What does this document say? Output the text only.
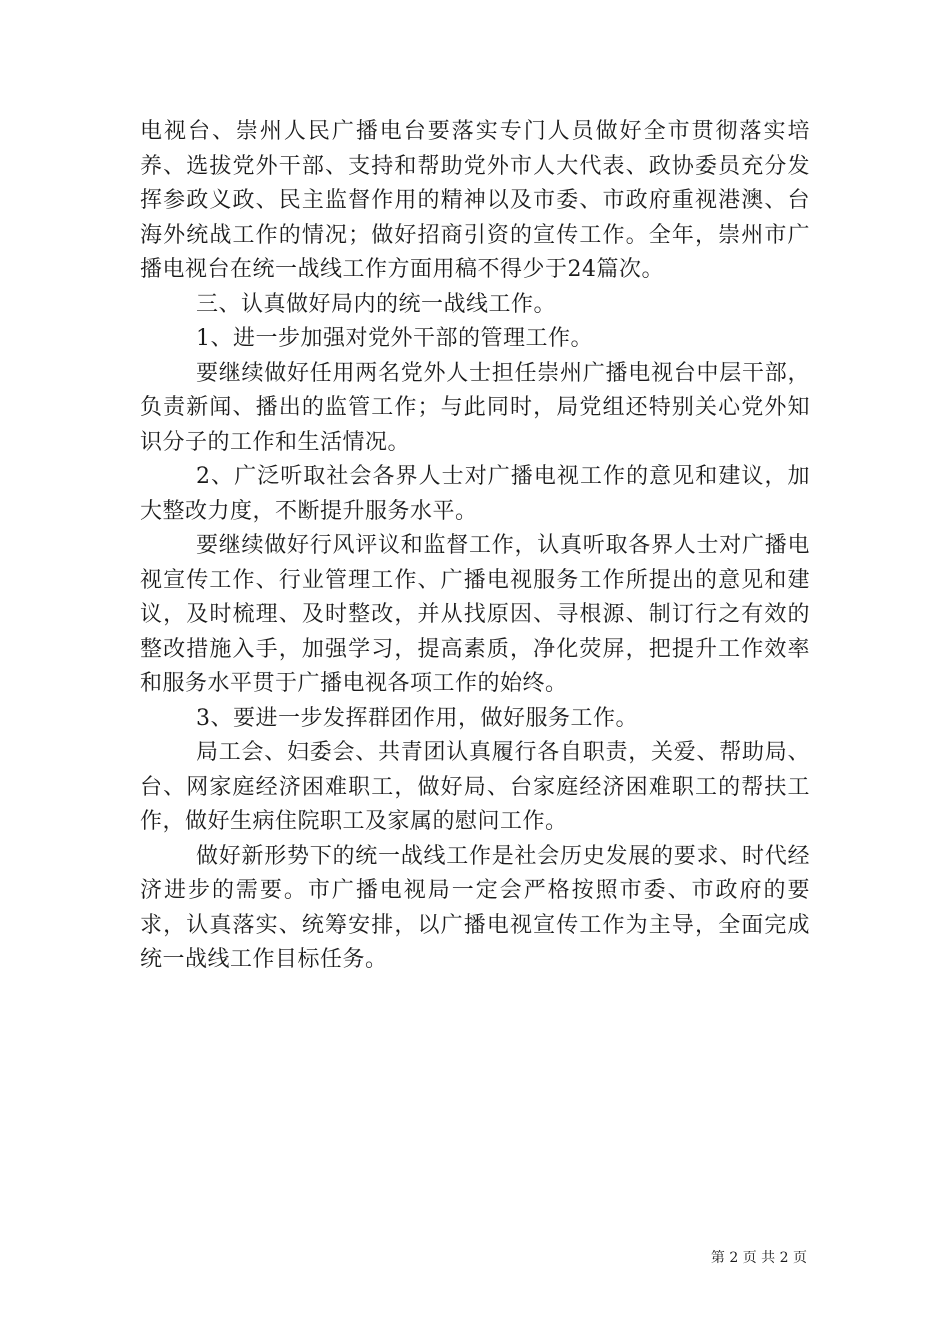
电视台、崇州人民广播电台要落实专门人员做好全市贯彻落实培养、选拔党外干部、支持和帮助党外市人大代表、政协委员充分发挥参政义政、民主监督作用的精神以及市委、市政府重视港澳、台海外统战工作的情况；做好招商引资的宣传工作。全年，崇州市广播电视台在统一战线工作方面用稿不得少于24篇次。

三、认真做好局内的统一战线工作。

1、进一步加强对党外干部的管理工作。

要继续做好任用两名党外人士担任崇州广播电视台中层干部，负责新闻、播出的监管工作；与此同时，局党组还特别关心党外知识分子的工作和生活情况。

2、广泛听取社会各界人士对广播电视工作的意见和建议，加大整改力度，不断提升服务水平。

要继续做好行风评议和监督工作，认真听取各界人士对广播电视宣传工作、行业管理工作、广播电视服务工作所提出的意见和建议，及时梳理、及时整改，并从找原因、寻根源、制订行之有效的整改措施入手，加强学习，提高素质，净化荧屏，把提升工作效率和服务水平贯于广播电视各项工作的始终。

3、要进一步发挥群团作用，做好服务工作。

局工会、妇委会、共青团认真履行各自职责，关爱、帮助局、台、网家庭经济困难职工，做好局、台家庭经济困难职工的帮扶工作，做好生病住院职工及家属的慰问工作。

做好新形势下的统一战线工作是社会历史发展的要求、时代经济进步的需要。市广播电视局一定会严格按照市委、市政府的要求，认真落实、统筹安排，以广播电视宣传工作为主导，全面完成统一战线工作目标任务。

第 2 页 共 2 页
